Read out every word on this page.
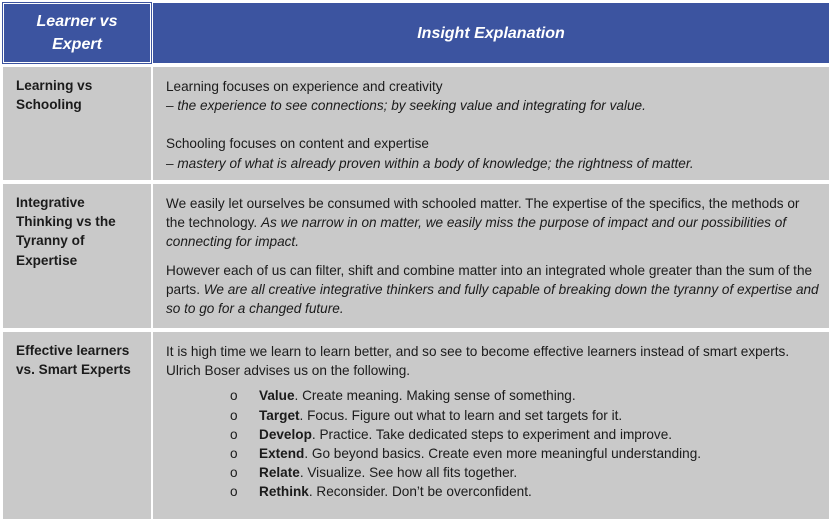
Learner vs Expert
Insight Explanation
Learning vs Schooling

Learning focuses on experience and creativity

– the experience to see connections; by seeking value and integrating for value.

Schooling focuses on content and expertise

– mastery of what is already proven within a body of knowledge; the rightness of matter.

Integrative Thinking vs the Tyranny of Expertise

We easily let ourselves be consumed with schooled matter. The expertise of the specifics, the methods or the technology. As we narrow in on matter, we easily miss the purpose of impact and our possibilities of connecting for impact.

However each of us can filter, shift and combine matter into an integrated whole greater than the sum of the parts. We are all creative integrative thinkers and fully capable of breaking down the tyranny of expertise and so to go for a changed future.

Effective learners vs. Smart Experts

It is high time we learn to learn better, and so see to become effective learners instead of smart experts. Ulrich Boser advises us on the following.

o Value. Create meaning. Making sense of something.
o Target. Focus. Figure out what to learn and set targets for it.
o Develop. Practice. Take dedicated steps to experiment and improve.
o Extend. Go beyond basics. Create even more meaningful understanding.
o Relate. Visualize. See how all fits together.
o Rethink. Reconsider. Don’t be overconfident.
